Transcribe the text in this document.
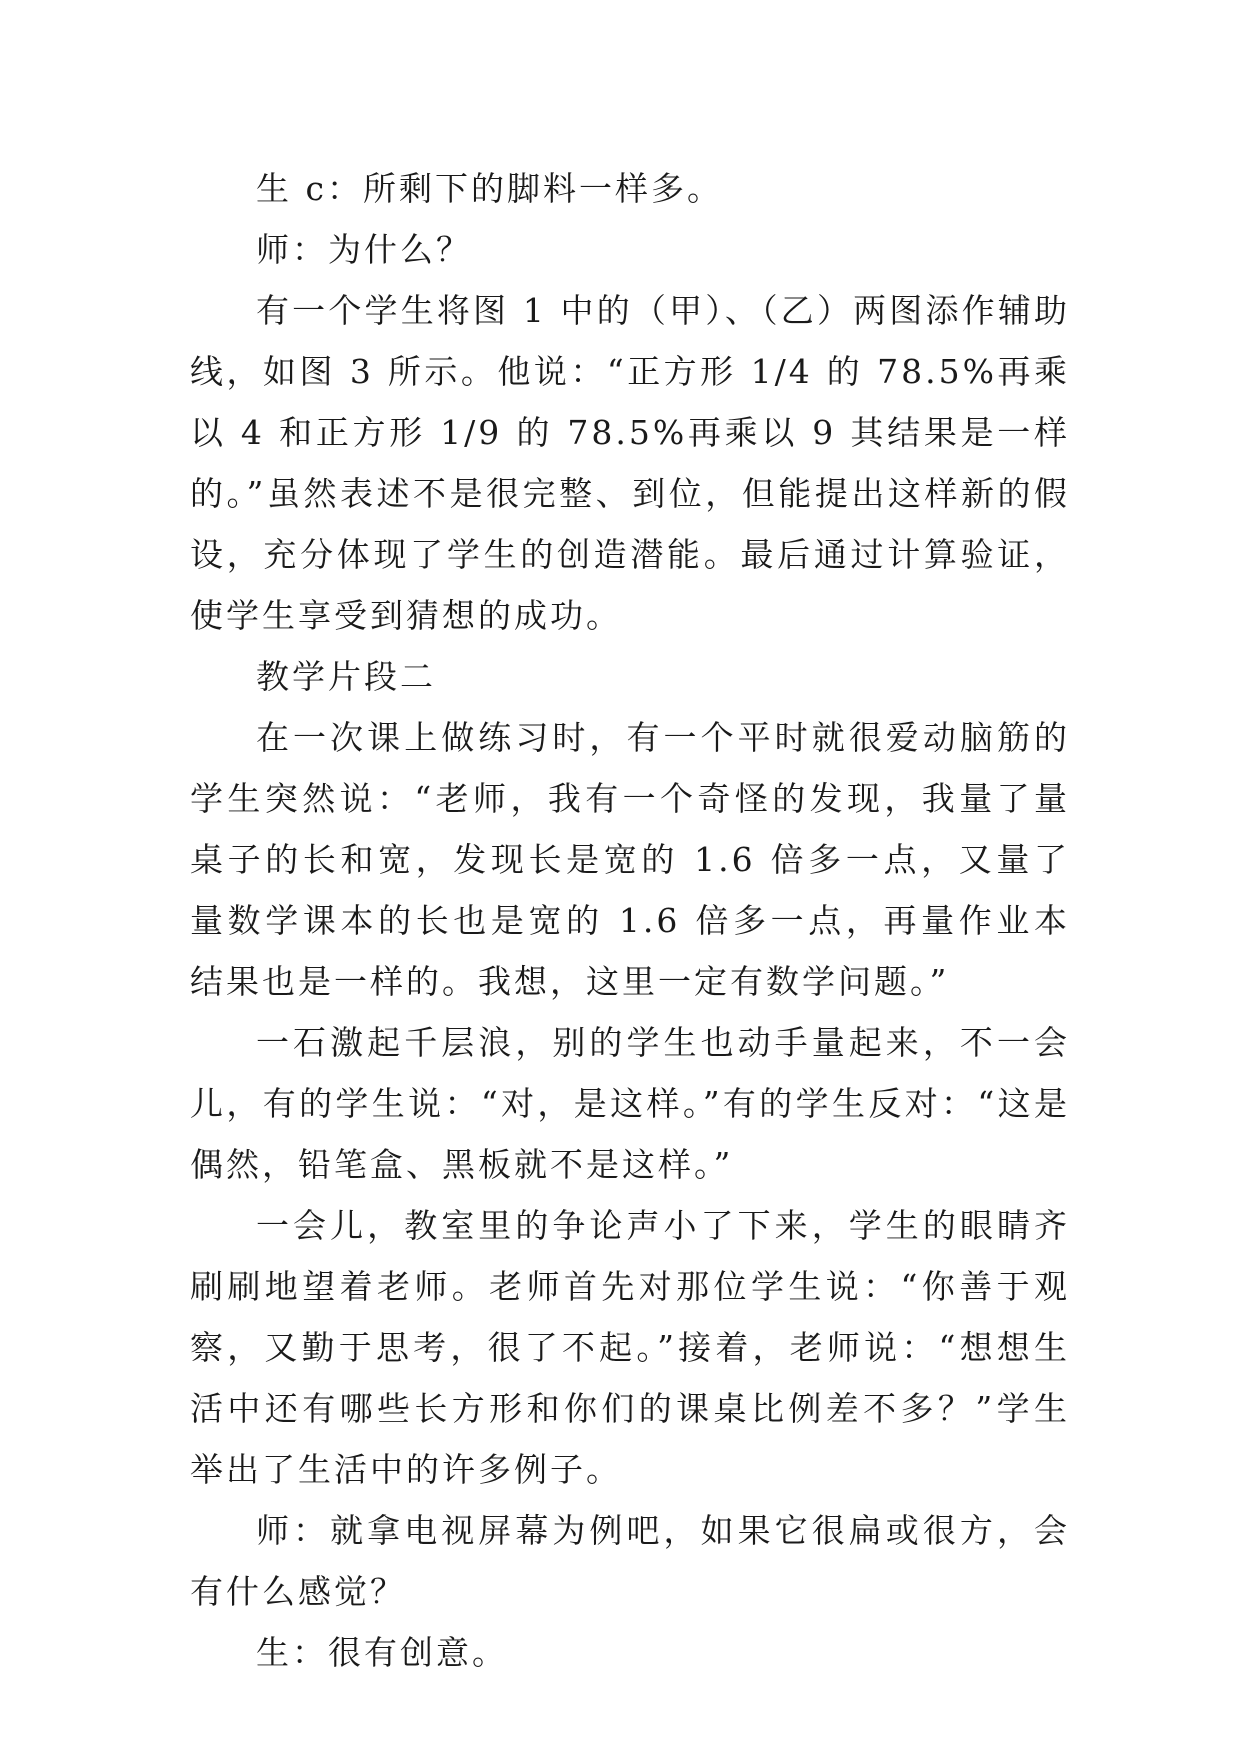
生 c：所剩下的脚料一样多。

师：为什么？

有一个学生将图 1 中的（甲）、（乙）两图添作辅助线，如图 3 所示。他说：“正方形 1/4 的 78.5%再乘以 4 和正方形 1/9 的 78.5%再乘以 9 其结果是一样的。”虽然表述不是很完整、到位，但能提出这样新的假设，充分体现了学生的创造潜能。最后通过计算验证，使学生享受到猜想的成功。

教学片段二

在一次课上做练习时，有一个平时就很爱动脑筋的学生突然说：“老师，我有一个奇怪的发现，我量了量桌子的长和宽，发现长是宽的 1.6 倍多一点，又量了量数学课本的长也是宽的 1.6 倍多一点，再量作业本结果也是一样的。我想，这里一定有数学问题。”

一石激起千层浪，别的学生也动手量起来，不一会儿，有的学生说：“对，是这样。”有的学生反对：“这是偶然，铅笔盒、黑板就不是这样。”

一会儿，教室里的争论声小了下来，学生的眼睛齐刷刷地望着老师。老师首先对那位学生说：“你善于观察，又勤于思考，很了不起。”接着，老师说：“想想生活中还有哪些长方形和你们的课桌比例差不多？”学生举出了生活中的许多例子。

师：就拿电视屏幕为例吧，如果它很扁或很方，会有什么感觉？

生：很有创意。
